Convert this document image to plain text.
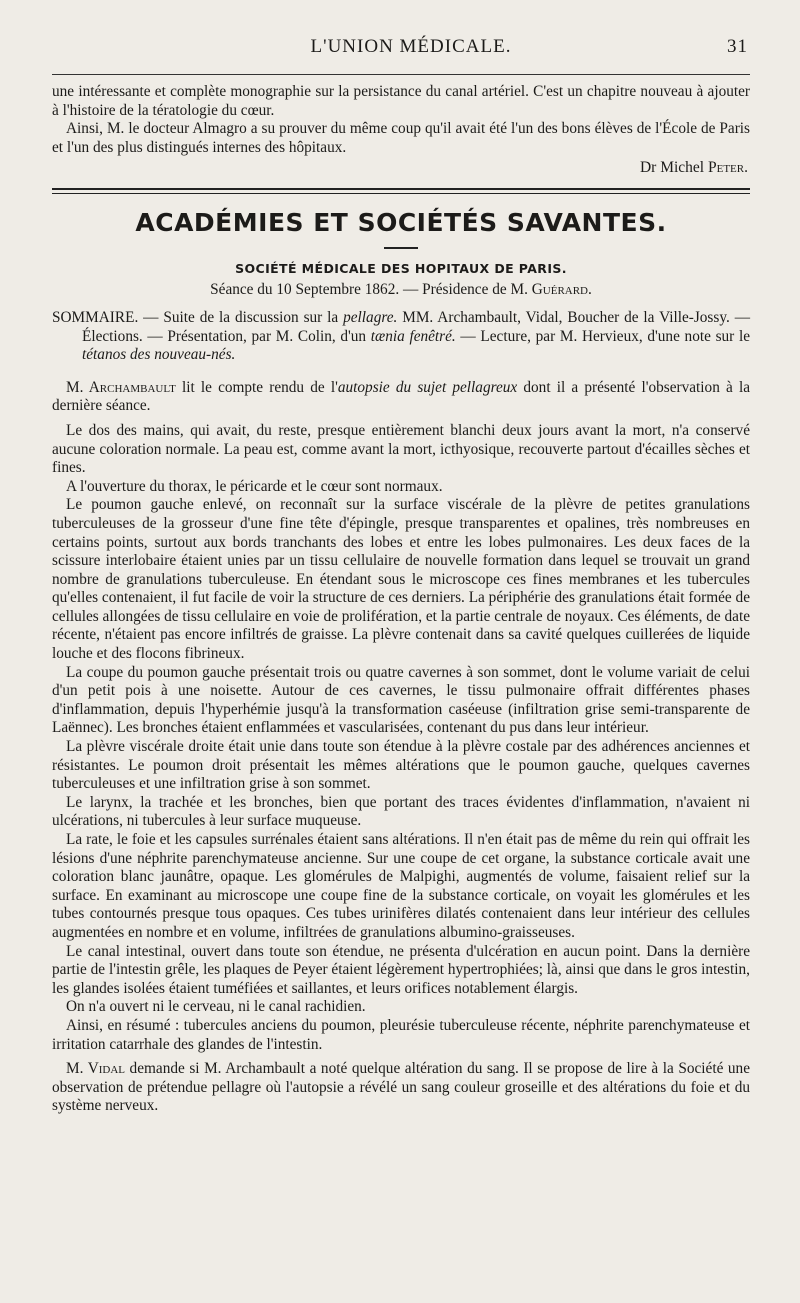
L'UNION MÉDICALE.	31

une intéressante et complète monographie sur la persistance du canal artériel. C'est un chapitre nouveau à ajouter à l'histoire de la tératologie du cœur.

Ainsi, M. le docteur Almagro a su prouver du même coup qu'il avait été l'un des bons élèves de l'École de Paris et l'un des plus distingués internes des hôpitaux.

Dr Michel Peter.
ACADÉMIES ET SOCIÉTÉS SAVANTES.
SOCIÉTÉ MÉDICALE DES HOPITAUX DE PARIS.
Séance du 10 Septembre 1862. — Présidence de M. Guérard.

SOMMAIRE. — Suite de la discussion sur la pellagre. MM. Archambault, Vidal, Boucher de la Ville-Jossy. — Élections. — Présentation, par M. Colin, d'un tænia fenêtré. — Lecture, par M. Hervieux, d'une note sur le tétanos des nouveau-nés.

M. Archambault lit le compte rendu de l'autopsie du sujet pellagreux dont il a présenté l'observation à la dernière séance.

Le dos des mains, qui avait, du reste, presque entièrement blanchi deux jours avant la mort, n'a conservé aucune coloration normale. La peau est, comme avant la mort, icthyosique, recouverte partout d'écailles sèches et fines.

A l'ouverture du thorax, le péricarde et le cœur sont normaux.

Le poumon gauche enlevé, on reconnaît sur la surface viscérale de la plèvre de petites granulations tuberculeuses de la grosseur d'une fine tête d'épingle, presque transparentes et opalines, très nombreuses en certains points, surtout aux bords tranchants des lobes et entre les lobes pulmonaires. Les deux faces de la scissure interlobaire étaient unies par un tissu cellulaire de nouvelle formation dans lequel se trouvait un grand nombre de granulations tuberculeuse. En étendant sous le microscope ces fines membranes et les tubercules qu'elles contenaient, il fut facile de voir la structure de ces derniers. La périphérie des granulations était formée de cellules allongées de tissu cellulaire en voie de prolifération, et la partie centrale de noyaux. Ces éléments, de date récente, n'étaient pas encore infiltrés de graisse. La plèvre contenait dans sa cavité quelques cuillerées de liquide louche et des flocons fibrineux.

La coupe du poumon gauche présentait trois ou quatre cavernes à son sommet, dont le volume variait de celui d'un petit pois à une noisette. Autour de ces cavernes, le tissu pulmonaire offrait différentes phases d'inflammation, depuis l'hyperhémie jusqu'à la transformation caséeuse (infiltration grise semi-transparente de Laënnec). Les bronches étaient enflammées et vascularisées, contenant du pus dans leur intérieur.

La plèvre viscérale droite était unie dans toute son étendue à la plèvre costale par des adhérences anciennes et résistantes. Le poumon droit présentait les mêmes altérations que le poumon gauche, quelques cavernes tuberculeuses et une infiltration grise à son sommet.

Le larynx, la trachée et les bronches, bien que portant des traces évidentes d'inflammation, n'avaient ni ulcérations, ni tubercules à leur surface muqueuse.

La rate, le foie et les capsules surrénales étaient sans altérations. Il n'en était pas de même du rein qui offrait les lésions d'une néphrite parenchymateuse ancienne. Sur une coupe de cet organe, la substance corticale avait une coloration blanc jaunâtre, opaque. Les glomérules de Malpighi, augmentés de volume, faisaient relief sur la surface. En examinant au microscope une coupe fine de la substance corticale, on voyait les glomérules et les tubes contournés presque tous opaques. Ces tubes urinifères dilatés contenaient dans leur intérieur des cellules augmentées en nombre et en volume, infiltrées de granulations albumino-graisseuses.

Le canal intestinal, ouvert dans toute son étendue, ne présenta d'ulcération en aucun point. Dans la dernière partie de l'intestin grêle, les plaques de Peyer étaient légèrement hypertrophiées; là, ainsi que dans le gros intestin, les glandes isolées étaient tuméfiées et saillantes, et leurs orifices notablement élargis.

On n'a ouvert ni le cerveau, ni le canal rachidien.

Ainsi, en résumé : tubercules anciens du poumon, pleurésie tuberculeuse récente, néphrite parenchymateuse et irritation catarrhale des glandes de l'intestin.

M. Vidal demande si M. Archambault a noté quelque altération du sang. Il se propose de lire à la Société une observation de prétendue pellagre où l'autopsie a révélé un sang couleur groseille et des altérations du foie et du système nerveux.
